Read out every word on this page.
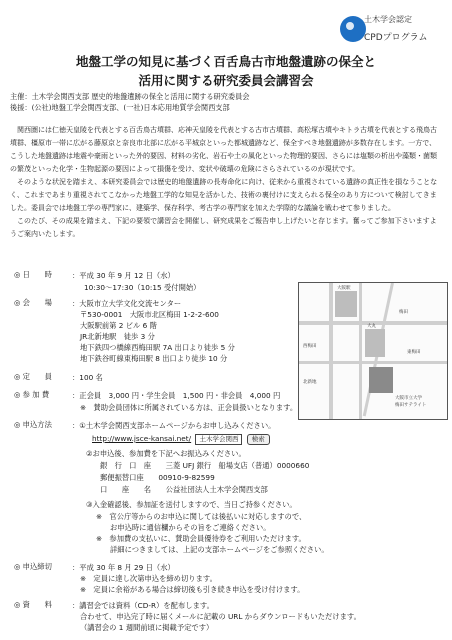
土木学会認定
CPDプログラム
地盤工学の知見に基づく百舌鳥古市地盤遺跡の保全と
活用に関する研究委員会講習会
主催：土木学会関西支部 歴史的地盤遺跡の保全と活用に関する研究委員会
後援：(公社)地盤工学会関西支部、(一社)日本応用地質学会関西支部

関西圏には仁徳天皇陵を代表とする百舌鳥古墳群、応神天皇陵を代表とする古市古墳群、高松塚古墳やキトラ古墳を代表とする飛鳥古墳群、橿原市一帯に広がる藤原京と奈良市北部に広がる平城京といった都城遺跡など、保全すべき地盤遺跡が多数存在します。一方で、こうした地盤遺跡は地震や豪雨といった外的要因、材料の劣化、岩石や土の風化といった物理的要因、さらには塩類の析出や藻類・菌類の繁茂といった化学・生物起源の要因によって損傷を受け、変状や破壊の危険にさらされているのが現状です。

そのような状況を踏まえ、本研究委員会では歴史的地盤遺跡の長寿命化に向け、従来から重視されている遺跡の真正性を損なうことなく、これまであまり重視されてこなかった地盤工学的な知見を活かした、技術の裏付けに支えられる保全のあり方について検討してきました。委員会では地盤工学の専門家に、建築学、保存科学、考古学の専門家を加えた学際的な議論を戦わせて参りました。

このたび、その成果を踏まえ、下記の要領で講習会を開催し、研究成果をご報告申し上げたいと存じます。奮ってご参加下さいますようご案内いたします。

◎ 日　　時	：平成 30 年 9 月 12 日（水）
10:30～17:30（10:15 受付開始）
◎ 会　　場	：大阪市立大学文化交流センター
〒530-0001　大阪市北区梅田 1-2-2-600
大阪駅前第 2 ビル 6 階
JR北新地駅　徒歩 3 分
地下鉄四つ橋線西梅田駅 7A 出口より徒歩 5 分
地下鉄谷町線東梅田駅 8 出口より徒歩 10 分
大阪駅
大丸
梅田
西梅田
北新地
東梅田
大阪市立大学
梅田サテライト
◎ 定　　員	：100 名
◎ 参 加 費	：正会員　3,000 円・学生会員　1,500 円・非会員　4,000 円
※　賛助会員団体に所属されている方は、正会員扱いとなります。
◎ 申込方法	：①土木学会関西支部ホームページからお申し込みください。
http://www.jsce-kansai.net/ 土木学会関西 検索
②お申込後、参加費を下記へお振込みください。
銀　行　口　座　　三菱 UFJ 銀行　船場支店（普通）0000660
郵便振替口座　　00910-9-82599
口　　座　　名　　公益社団法人土木学会関西支部
③入金確認後、参加証を送付しますので、当日ご持参ください。
※　官公庁等からのお申込に関しては後払いに対応しますので、
お申込時に通信欄からその旨をご連絡ください。
※　参加費の支払いに、賛助会員優待券をご利用いただけます。
詳細につきましては、上記の支部ホームページをご参照ください。
◎ 申込締切	：平成 30 年 8 月 29 日（水）
※　定員に達し次第申込を締め切ります。
※　定員に余裕がある場合は締切後も引き続き申込を受け付けます。
◎ 資　　料	：講習会では資料（CD-R）を配布します。
合わせて、申込完了時に届くメールに記載の URL からダウンロードもいただけます。
（講習会の 1 週間前頃に掲載予定です）
